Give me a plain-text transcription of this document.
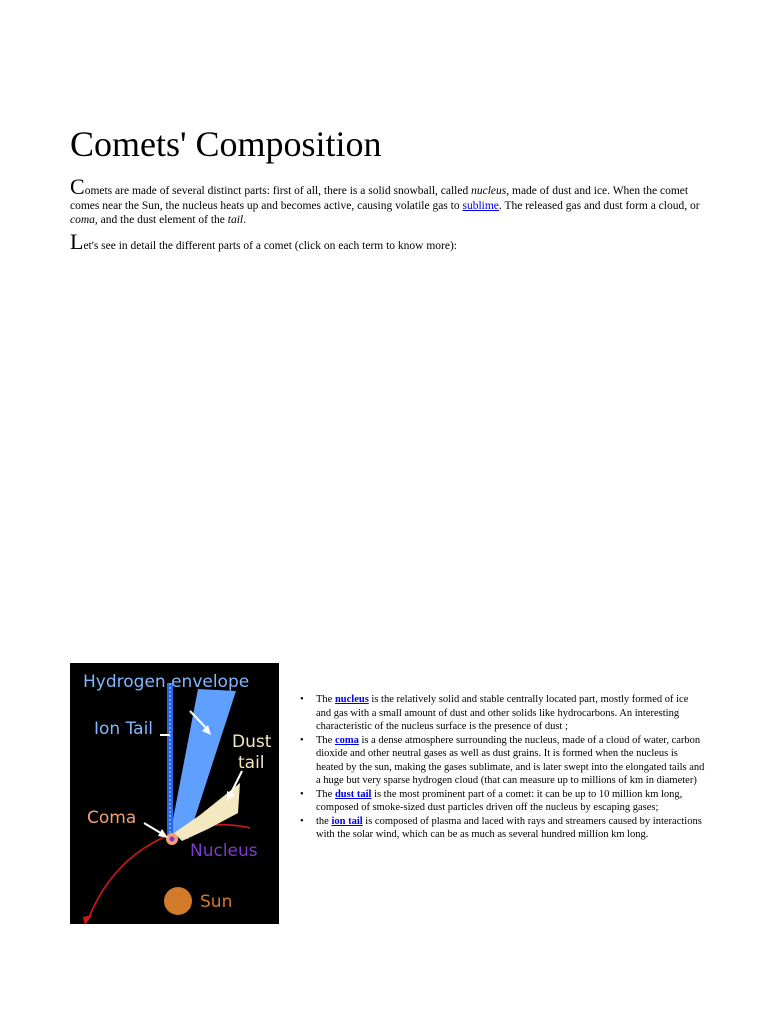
Comets' Composition

Comets are made of several distinct parts: first of all, there is a solid snowball, called nucleus, made of dust and ice. When the comet comes near the Sun, the nucleus heats up and becomes active, causing volatile gas to sublime. The released gas and dust form a cloud, or coma, and the dust element of the tail.

Let's see in detail the different parts of a comet (click on each term to know more):

Hydrogen envelope
Ion Tail
Dust
tail
Coma
Nucleus
Sun
• The nucleus is the relatively solid and stable centrally located part, mostly formed of ice and gas with a small amount of dust and other solids like hydrocarbons. An interesting characteristic of the nucleus surface is the presence of dust ;
• The coma is a dense atmosphere surrounding the nucleus, made of a cloud of water, carbon dioxide and other neutral gases as well as dust grains. It is formed when the nucleus is heated by the sun, making the gases sublimate, and is later swept into the elongated tails and a huge but very sparse hydrogen cloud (that can measure up to millions of km in diameter)
• The dust tail is the most prominent part of a comet: it can be up to 10 million km long, composed of smoke-sized dust particles driven off the nucleus by escaping gases;
• the ion tail is composed of plasma and laced with rays and streamers caused by interactions with the solar wind, which can be as much as several hundred million km long.
